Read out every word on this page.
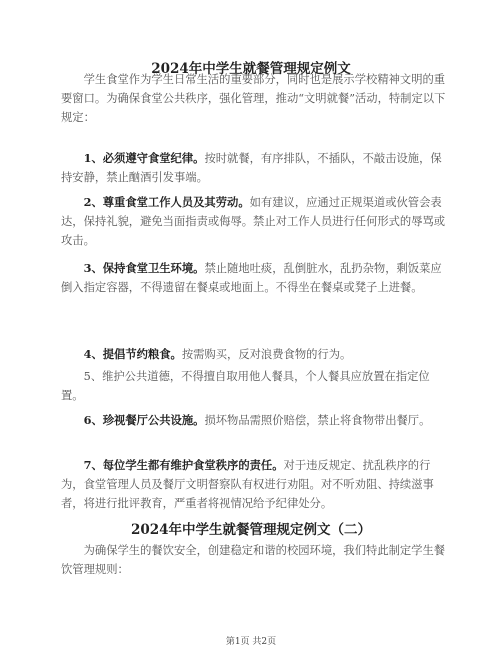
2024年中学生就餐管理规定例文
学生食堂作为学生日常生活的重要部分，同时也是展示学校精神文明的重要窗口。为确保食堂公共秩序，强化管理，推动“文明就餐”活动，特制定以下规定：
1、必须遵守食堂纪律。按时就餐，有序排队，不插队，不敲击设施，保持安静，禁止酗酒引发事端。
2、尊重食堂工作人员及其劳动。如有建议，应通过正规渠道或伙管会表达，保持礼貌，避免当面指责或侮辱。禁止对工作人员进行任何形式的辱骂或攻击。
3、保持食堂卫生环境。禁止随地吐痰，乱倒脏水，乱扔杂物，剩饭菜应倒入指定容器，不得遗留在餐桌或地面上。不得坐在餐桌或凳子上进餐。
4、提倡节约粮食。按需购买，反对浪费食物的行为。
5、维护公共道德，不得擅自取用他人餐具，个人餐具应放置在指定位置。
6、珍视餐厅公共设施。损坏物品需照价赔偿，禁止将食物带出餐厅。
7、每位学生都有维护食堂秩序的责任。对于违反规定、扰乱秩序的行为，食堂管理人员及餐厅文明督察队有权进行劝阻。对不听劝阻、持续滋事者，将进行批评教育，严重者将视情况给予纪律处分。
2024年中学生就餐管理规定例文（二）
为确保学生的餐饮安全，创建稳定和谐的校园环境，我们特此制定学生餐饮管理规则：
第1页 共2页
